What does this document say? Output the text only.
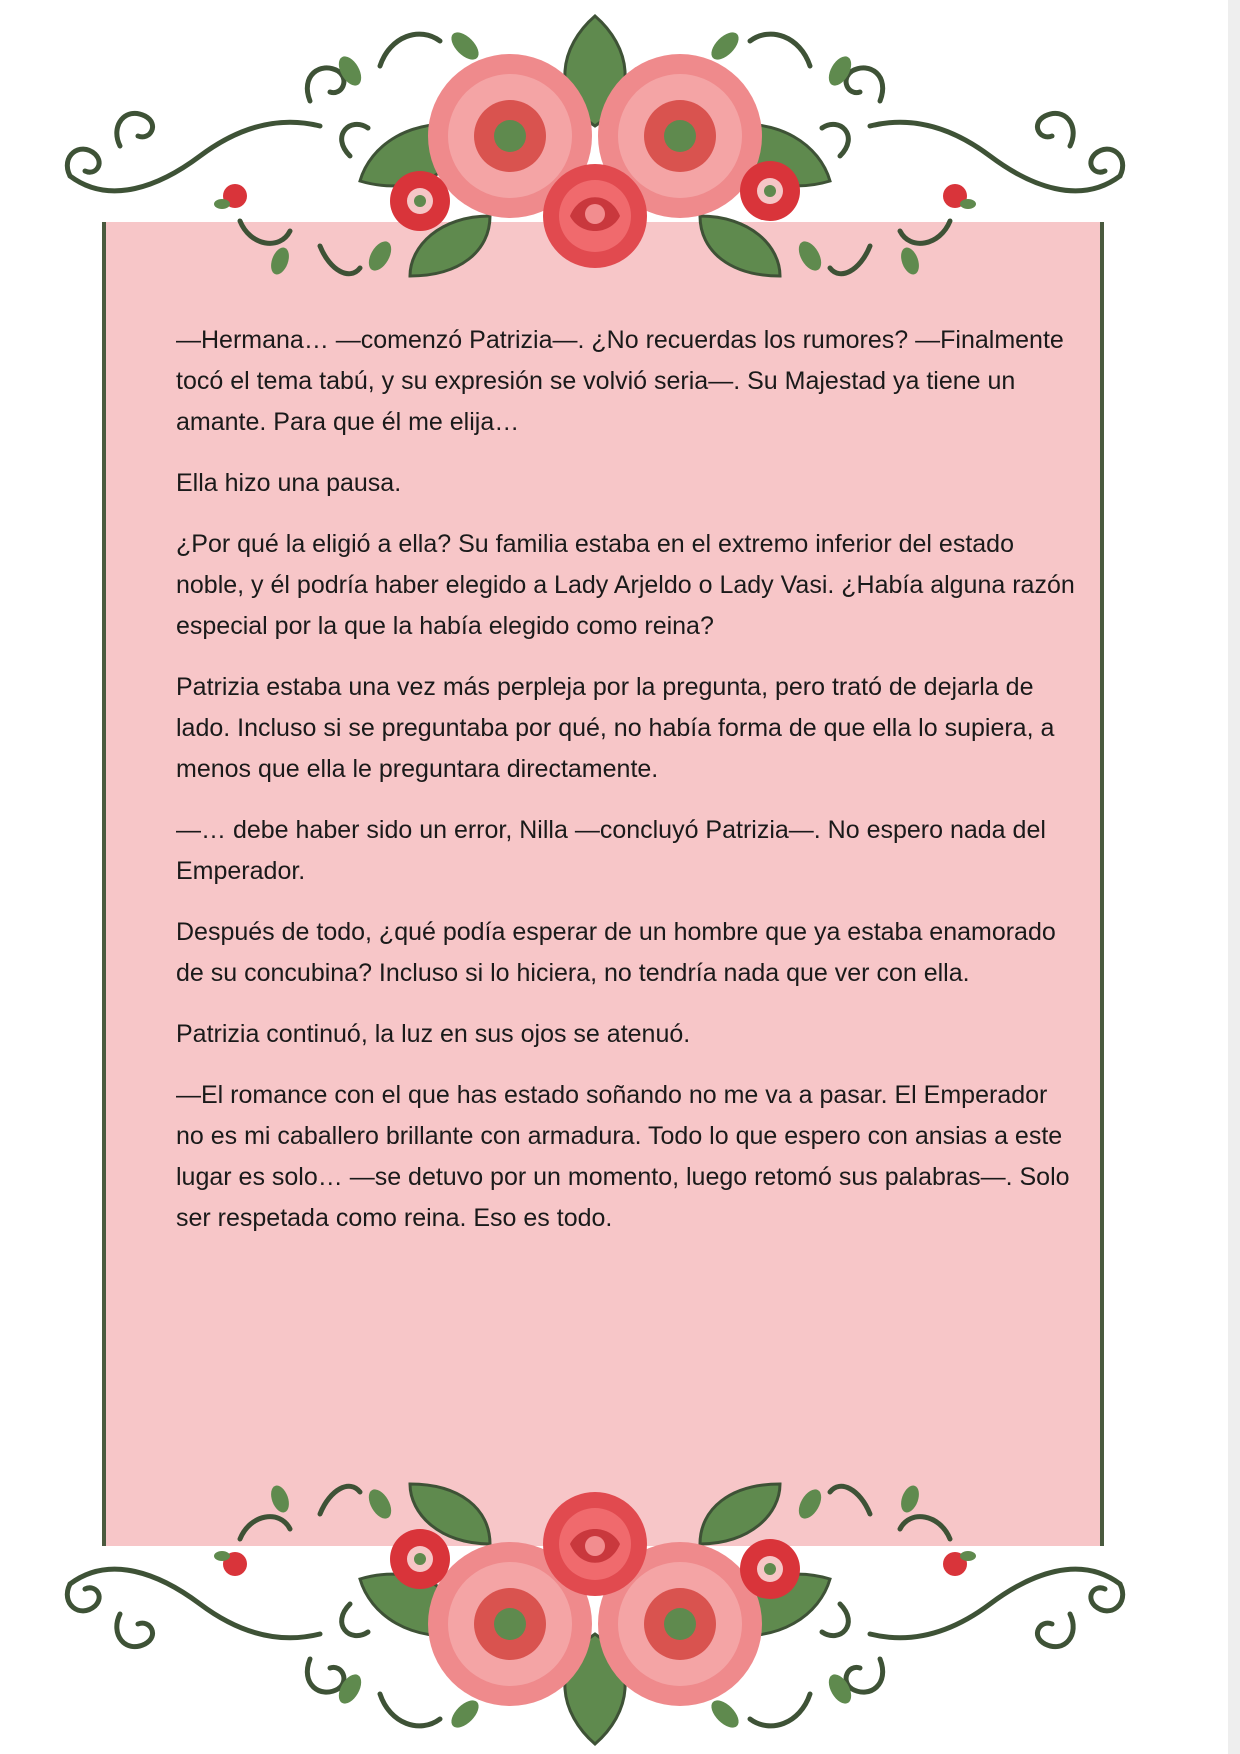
—Hermana… —comenzó Patrizia—. ¿No recuerdas los rumores? —Finalmente tocó el tema tabú, y su expresión se volvió seria—. Su Majestad ya tiene un amante. Para que él me elija…

Ella hizo una pausa.

¿Por qué la eligió a ella? Su familia estaba en el extremo inferior del estado noble, y él podría haber elegido a Lady Arjeldo o Lady Vasi. ¿Había alguna razón especial por la que la había elegido como reina?

Patrizia estaba una vez más perpleja por la pregunta, pero trató de dejarla de lado. Incluso si se preguntaba por qué, no había forma de que ella lo supiera, a menos que ella le preguntara directamente.

—… debe haber sido un error, Nilla —concluyó Patrizia—. No espero nada del Emperador.

Después de todo, ¿qué podía esperar de un hombre que ya estaba enamorado de su concubina? Incluso si lo hiciera, no tendría nada que ver con ella.

Patrizia continuó, la luz en sus ojos se atenuó.

—El romance con el que has estado soñando no me va a pasar. El Emperador no es mi caballero brillante con armadura. Todo lo que espero con ansias a este lugar es solo… —se detuvo por un momento, luego retomó sus palabras—. Solo ser respetada como reina. Eso es todo.
